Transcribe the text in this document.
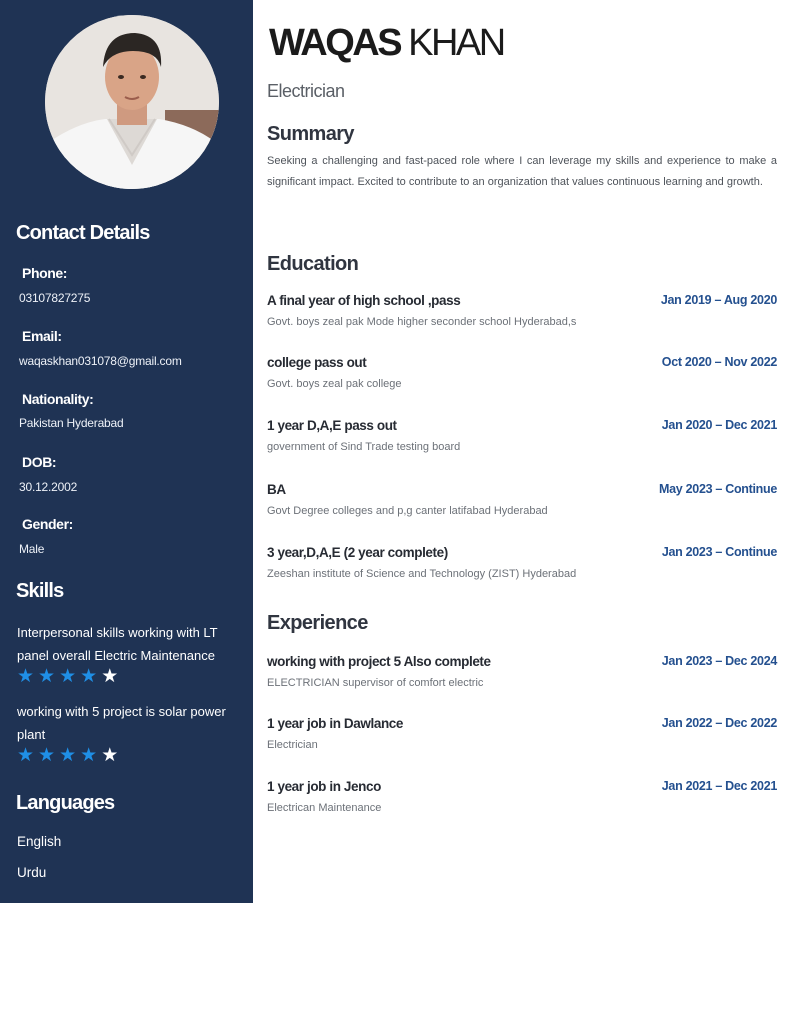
Contact Details
Phone:
03107827275
Email:
waqaskhan031078@gmail.com
Nationality:
Pakistan Hyderabad
DOB:
30.12.2002
Gender:
Male
Skills
Interpersonal skills working with LT panel overall Electric Maintenance
★★★★★
working with 5 project is solar power plant
★★★★★
Languages
English
Urdu
WAQAS KHAN
Electrician
Summary
Seeking a challenging and fast-paced role where I can leverage my skills and experience to make a significant impact. Excited to contribute to an organization that values continuous learning and growth.
Education
A final year of high school ,pass	Jan 2019 – Aug 2020
Govt. boys zeal pak Mode higher seconder school Hyderabad,s
college pass out	Oct 2020 – Nov 2022
Govt. boys zeal pak college
1 year D,A,E pass out	Jan 2020 – Dec 2021
government of Sind Trade testing board
BA	May 2023 – Continue
Govt Degree colleges and p,g canter latifabad Hyderabad
3 year,D,A,E (2 year complete)	Jan 2023 – Continue
Zeeshan institute of Science and Technology (ZIST) Hyderabad
Experience
working with project 5 Also complete	Jan 2023 – Dec 2024
ELECTRICIAN supervisor of comfort electric
1 year job in Dawlance	Jan 2022 – Dec 2022
Electrician
1 year job in Jenco	Jan 2021 – Dec 2021
Electrican Maintenance
